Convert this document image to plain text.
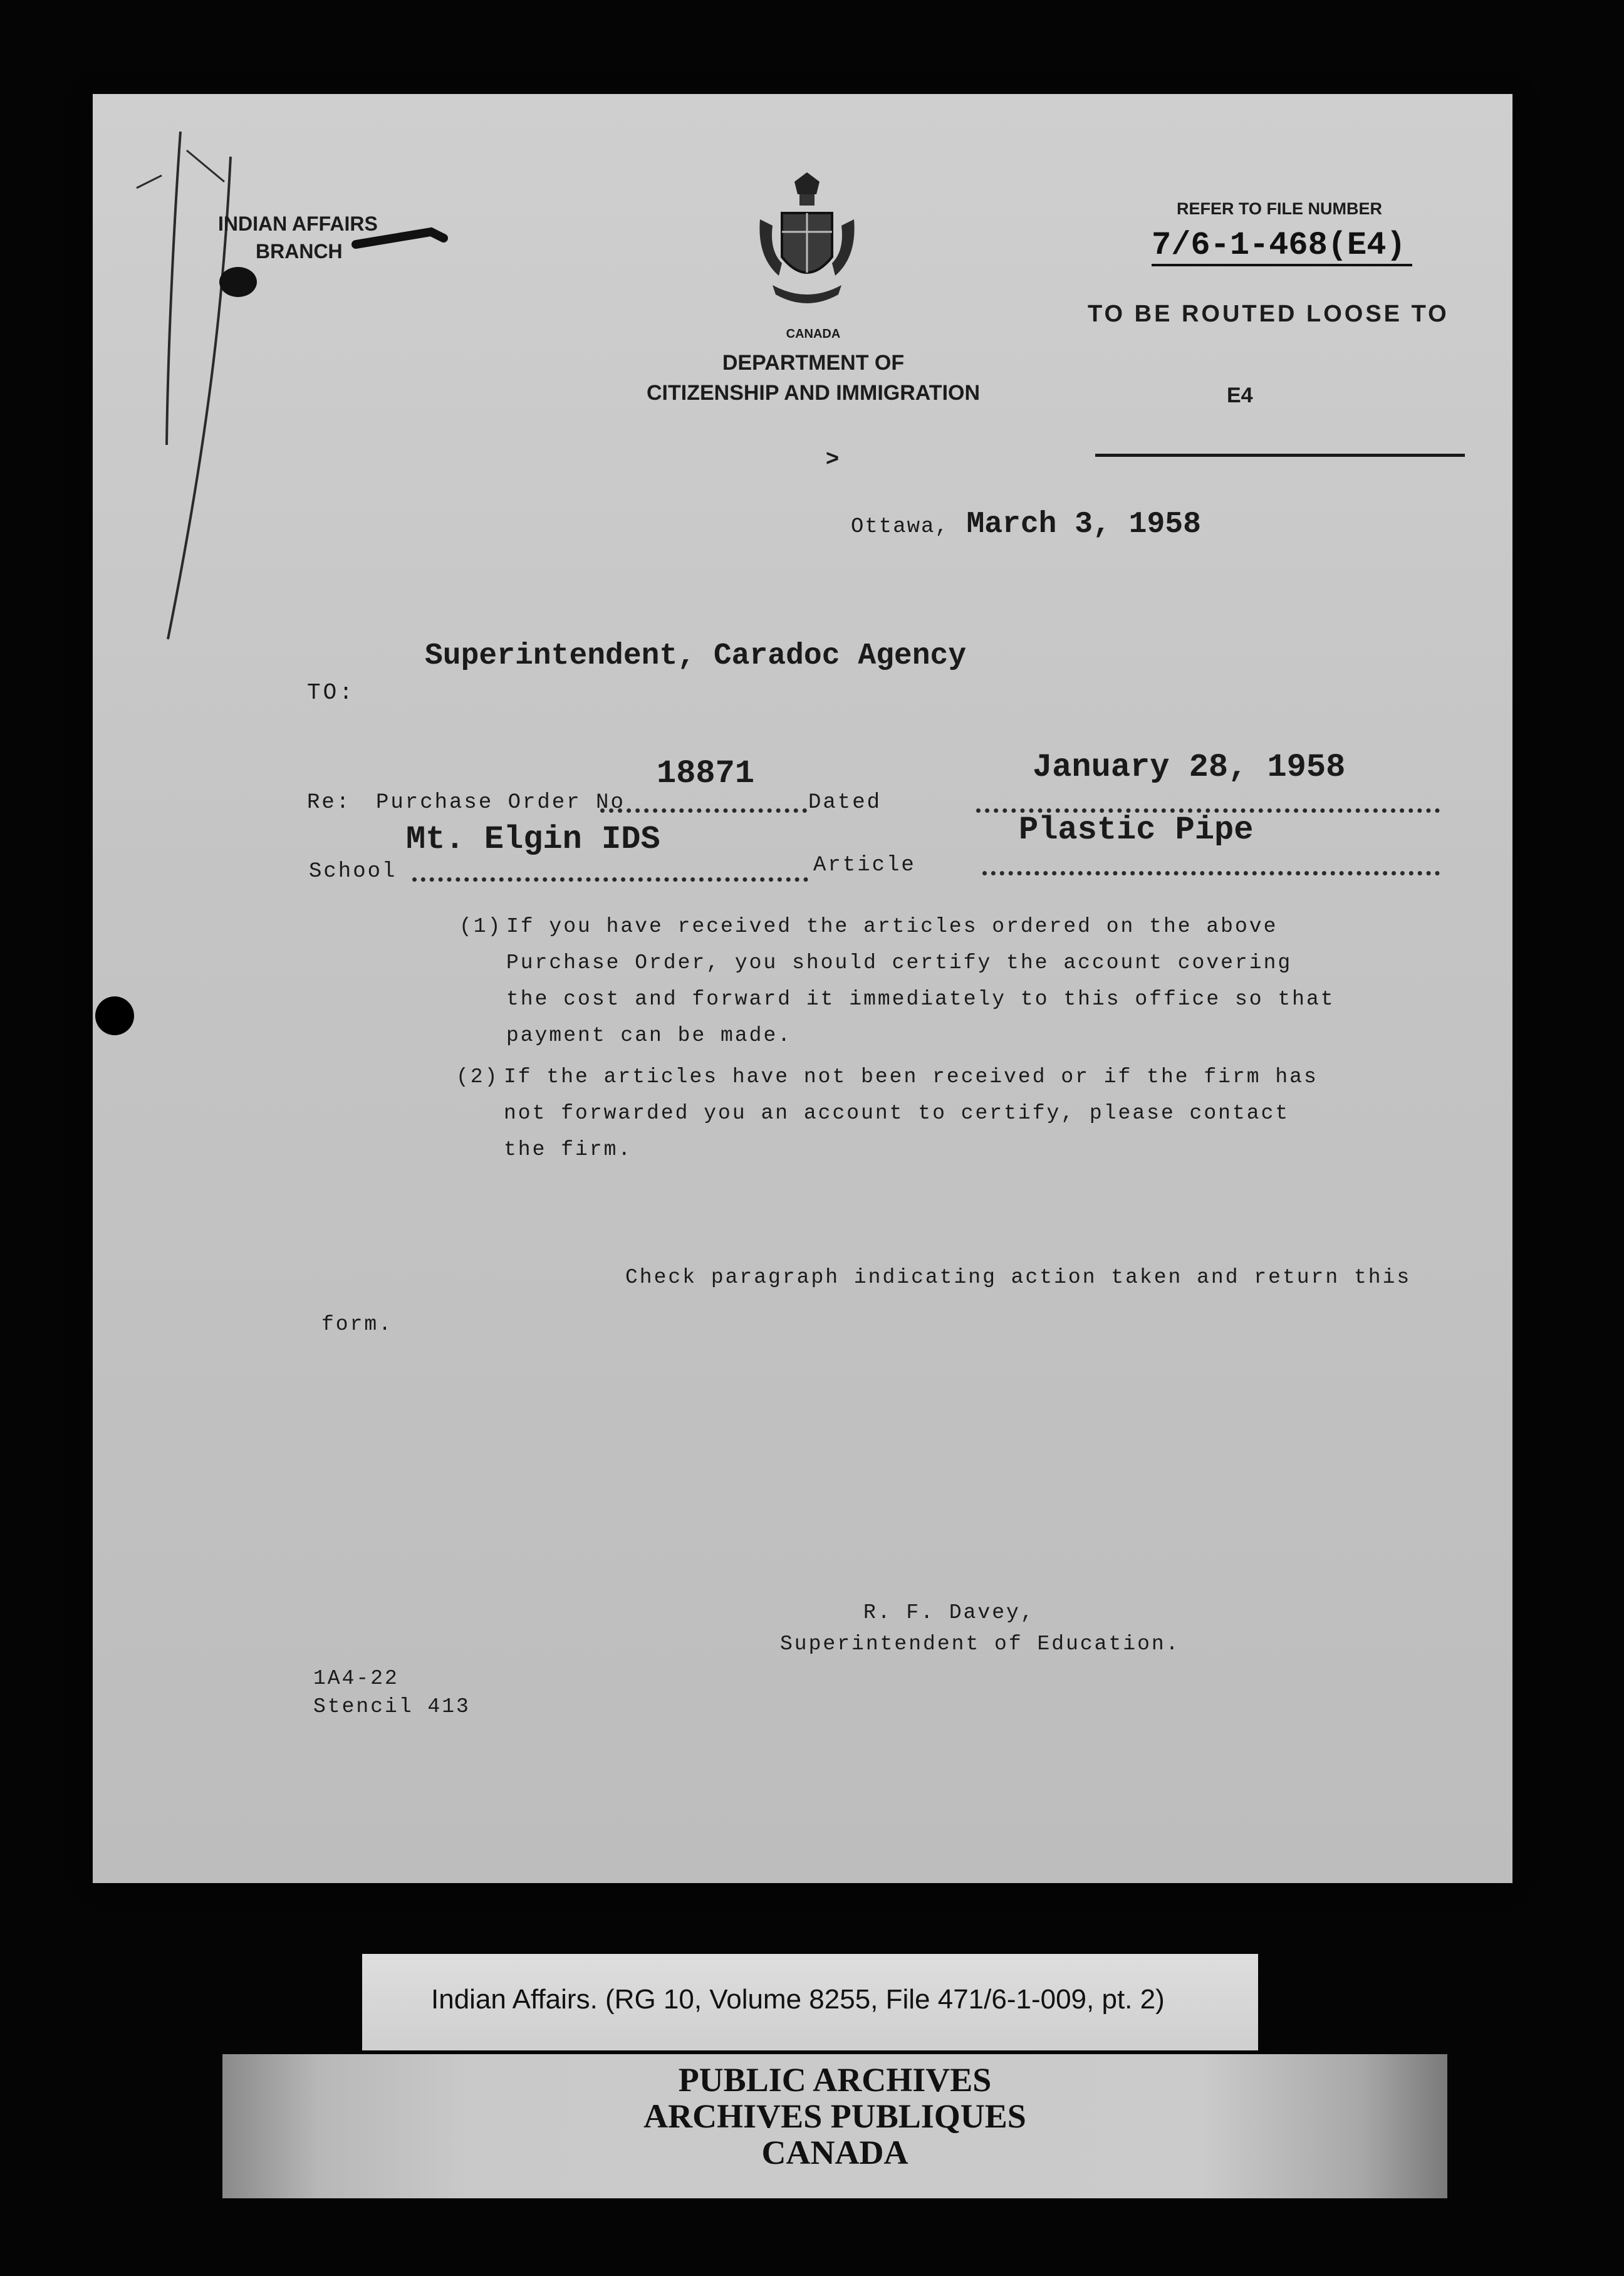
INDIAN AFFAIRS
BRANCH
CANADA
DEPARTMENT OF
CITIZENSHIP AND IMMIGRATION
REFER TO FILE NUMBER
7/6-1-468(E4)
TO BE ROUTED LOOSE TO
E4
>
Ottawa, March 3, 1958
Superintendent, Caradoc Agency
TO:
18871	January 28, 1958
Re: Purchase Order No	Dated
Mt. Elgin IDS	Plastic Pipe
School	Article
(1) If you have received the articles ordered on the above
Purchase Order, you should certify the account covering
the cost and forward it immediately to this office so that
payment can be made.
(2) If the articles have not been received or if the firm has
not forwarded you an account to certify, please contact
the firm.
Check paragraph indicating action taken and return this
form.
R. F. Davey,
Superintendent of Education.
1A4-22
Stencil 413
Indian Affairs. (RG 10, Volume 8255, File 471/6-1-009, pt. 2)
PUBLIC ARCHIVES
ARCHIVES PUBLIQUES
CANADA
